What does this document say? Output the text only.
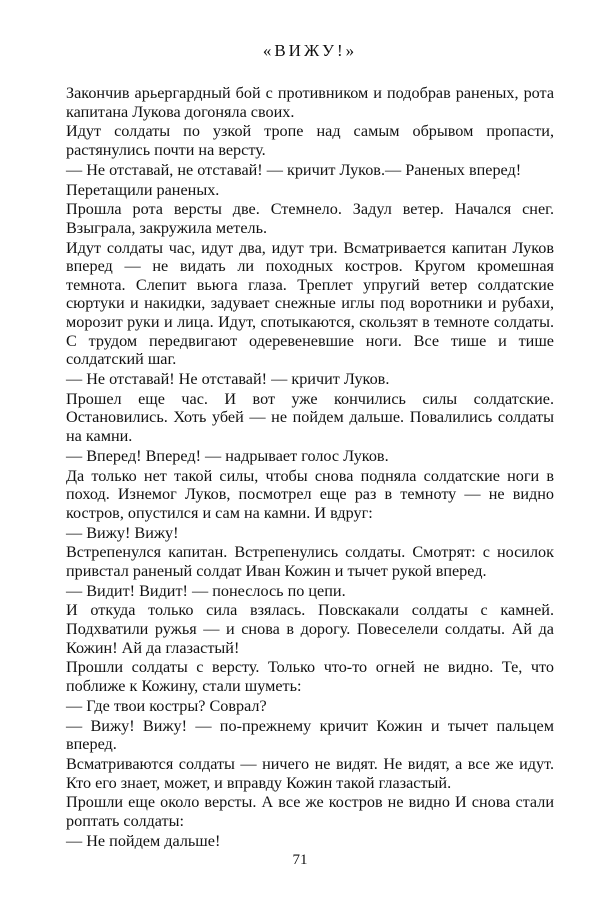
«ВИЖУ!»

Закончив арьергардный бой с противником и подобрав раненых, рота капитана Лукова догоняла своих.

Идут солдаты по узкой тропе над самым обрывом пропасти, растянулись почти на версту.

— Не отставай, не отставай! — кричит Луков.— Раненых вперед!

Перетащили раненых.

Прошла рота версты две. Стемнело. Задул ветер. Начался снег. Взыграла, закружила метель.

Идут солдаты час, идут два, идут три. Всматривается капитан Луков вперед — не видать ли походных костров. Кругом кромешная темнота. Слепит вьюга глаза. Треплет упругий ветер солдатские сюртуки и накидки, задувает снежные иглы под воротники и рубахи, морозит руки и лица. Идут, спотыкаются, скользят в темноте солдаты. С трудом передвигают одеревеневшие ноги. Все тише и тише солдатский шаг.

— Не отставай! Не отставай! — кричит Луков.

Прошел еще час. И вот уже кончились силы солдатские. Остановились. Хоть убей — не пойдем дальше. Повалились солдаты на камни.

— Вперед! Вперед! — надрывает голос Луков.

Да только нет такой силы, чтобы снова подняла солдатские ноги в поход. Изнемог Луков, посмотрел еще раз в темноту — не видно костров, опустился и сам на камни. И вдруг:

— Вижу! Вижу!

Встрепенулся капитан. Встрепенулись солдаты. Смотрят: с носилок привстал раненый солдат Иван Кожин и тычет рукой вперед.

— Видит! Видит! — понеслось по цепи.

И откуда только сила взялась. Повскакали солдаты с камней. Подхватили ружья — и снова в дорогу. Повеселели солдаты. Ай да Кожин! Ай да глазастый!

Прошли солдаты с версту. Только что-то огней не видно. Те, что поближе к Кожину, стали шуметь:

— Где твои костры? Соврал?

— Вижу! Вижу! — по-прежнему кричит Кожин и тычет пальцем вперед.

Всматриваются солдаты — ничего не видят. Не видят, а все же идут. Кто его знает, может, и вправду Кожин такой глазастый.

Прошли еще около версты. А все же костров не видно И снова стали роптать солдаты:

— Не пойдем дальше!

71
